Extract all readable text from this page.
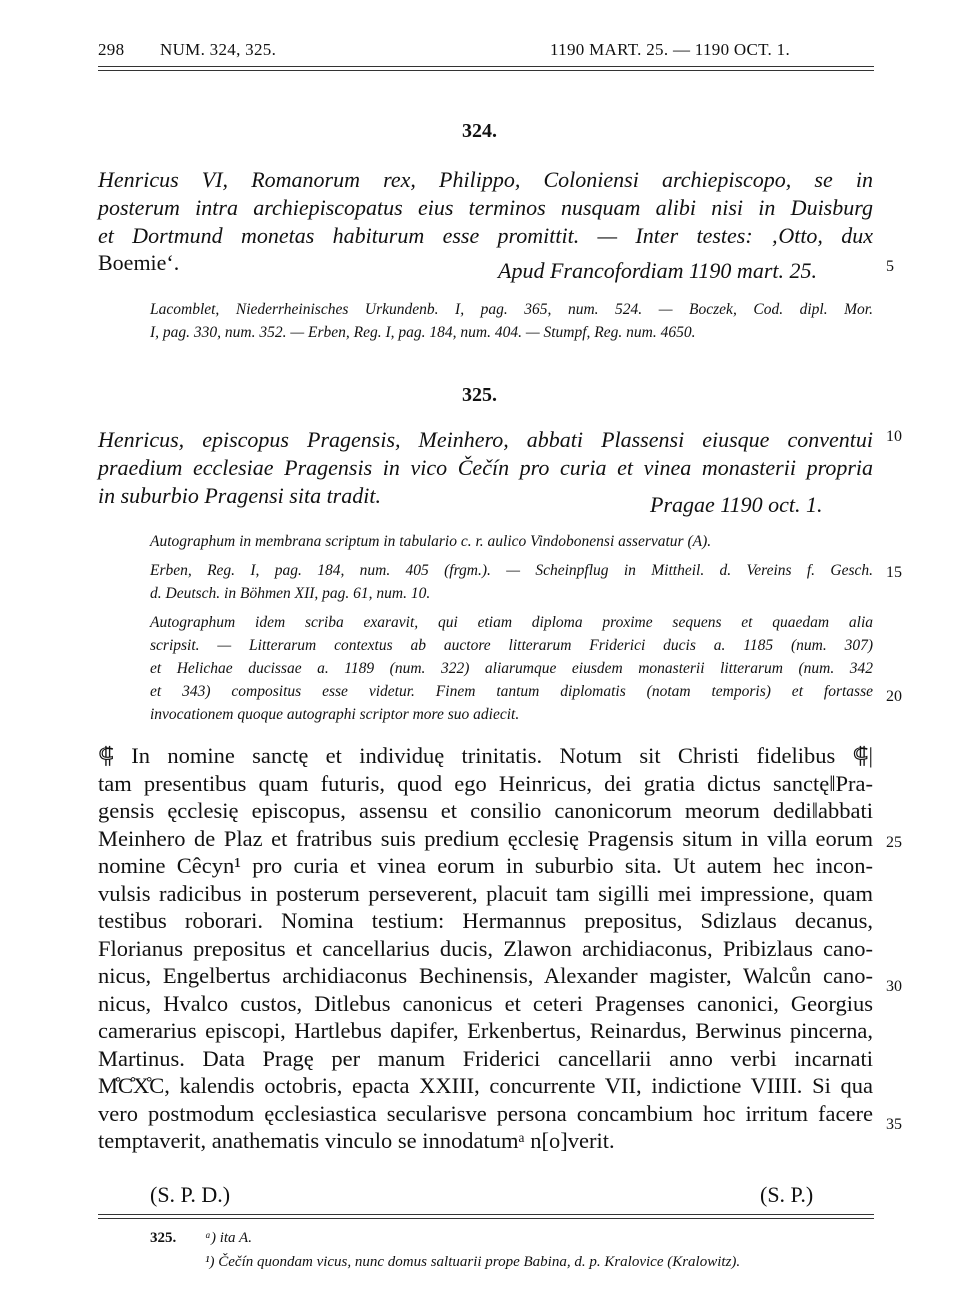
298 NUM. 324, 325.	1190 MART. 25. — 1190 OCT. 1.
324.
Henricus VI, Romanorum rex, Philippo, Coloniensi archiepiscopo, se in
posterum intra archiepiscopatus eius terminos nusquam alibi nisi in Duisburg
et Dortmund monetas habiturum esse promittit. — Inter testes: ‚Otto, dux
Boemie‘.	Apud Francofordiam 1190 mart. 25.
Lacomblet, Niederrheinisches Urkundenb. I, pag. 365, num. 524. — Boczek, Cod. dipl. Mor.
I, pag. 330, num. 352. — Erben, Reg. I, pag. 184, num. 404. — Stumpf, Reg. num. 4650.
325.
Henricus, episcopus Pragensis, Meinhero, abbati Plassensi eiusque conventui
praedium ecclesiae Pragensis in vico Čečín pro curia et vinea monasterii propria
in suburbio Pragensi sita tradit.	Pragae 1190 oct. 1.
Autographum in membrana scriptum in tabulario c. r. aulico Vindobonensi asservatur (A).
Erben, Reg. I, pag. 184, num. 405 (frgm.). — Scheinpflug in Mittheil. d. Vereins f. Gesch.
d. Deutsch. in Böhmen XII, pag. 61, num. 10.
Autographum idem scriba exaravit, qui etiam diploma proxime sequens et quaedam alia
scripsit. — Litterarum contextus ab auctore litterarum Friderici ducis a. 1185 (num. 307)
et Helichae ducissae a. 1189 (num. 322) aliarumque eiusdem monasterii litterarum (num. 342
et 343) compositus esse videtur. Finem tantum diplomatis (notam temporis) et fortasse
invocationem quoque autographi scriptor more suo adiecit.
⸿ In nomine sanctę et individuę trinitatis. Notum sit Christi fidelibus ⸿|
tam presentibus quam futuris, quod ego Heinricus, dei gratia dictus sanctę‖Pra-
gensis ęcclesię episcopus, assensu et consilio canonicorum meorum dedi‖abbati
Meinhero de Plaz et fratribus suis predium ęcclesię Pragensis situm in villa eorum
nomine Cêcyn¹ pro curia et vinea eorum in suburbio sita. Ut autem hec incon-
vulsis radicibus in posterum perseverent, placuit tam sigilli mei impressione, quam
testibus roborari. Nomina testium: Hermannus prepositus, Sdizlaus decanus,
Florianus prepositus et cancellarius ducis, Zlawon archidiaconus, Pribizlaus cano-
nicus, Engelbertus archidiaconus Bechinensis, Alexander magister, Walcůn cano-
nicus, Hvalco custos, Ditlebus canonicus et ceteri Pragenses canonici, Georgius
camerarius episcopi, Hartlebus dapifer, Erkenbertus, Reinardus, Berwinus pincerna,
Martinus. Data Pragę per manum Friderici cancellarii anno verbi incarnati
M̊C̊X̊C, kalendis octobris, epacta XXIII, concurrente VII, indictione VIIII. Si qua
vero postmodum ęcclesiastica secularisve persona concambium hoc irritum facere
temptaverit, anathematis vinculo se innodatumᵃ n[o]verit.
(S. P. D.)	(S. P.)
5
10
15
20
25
30
35
325. ᵃ) ita A.
¹) Čečín quondam vicus, nunc domus saltuarii prope Babina, d. p. Kralovice (Kralowitz).
